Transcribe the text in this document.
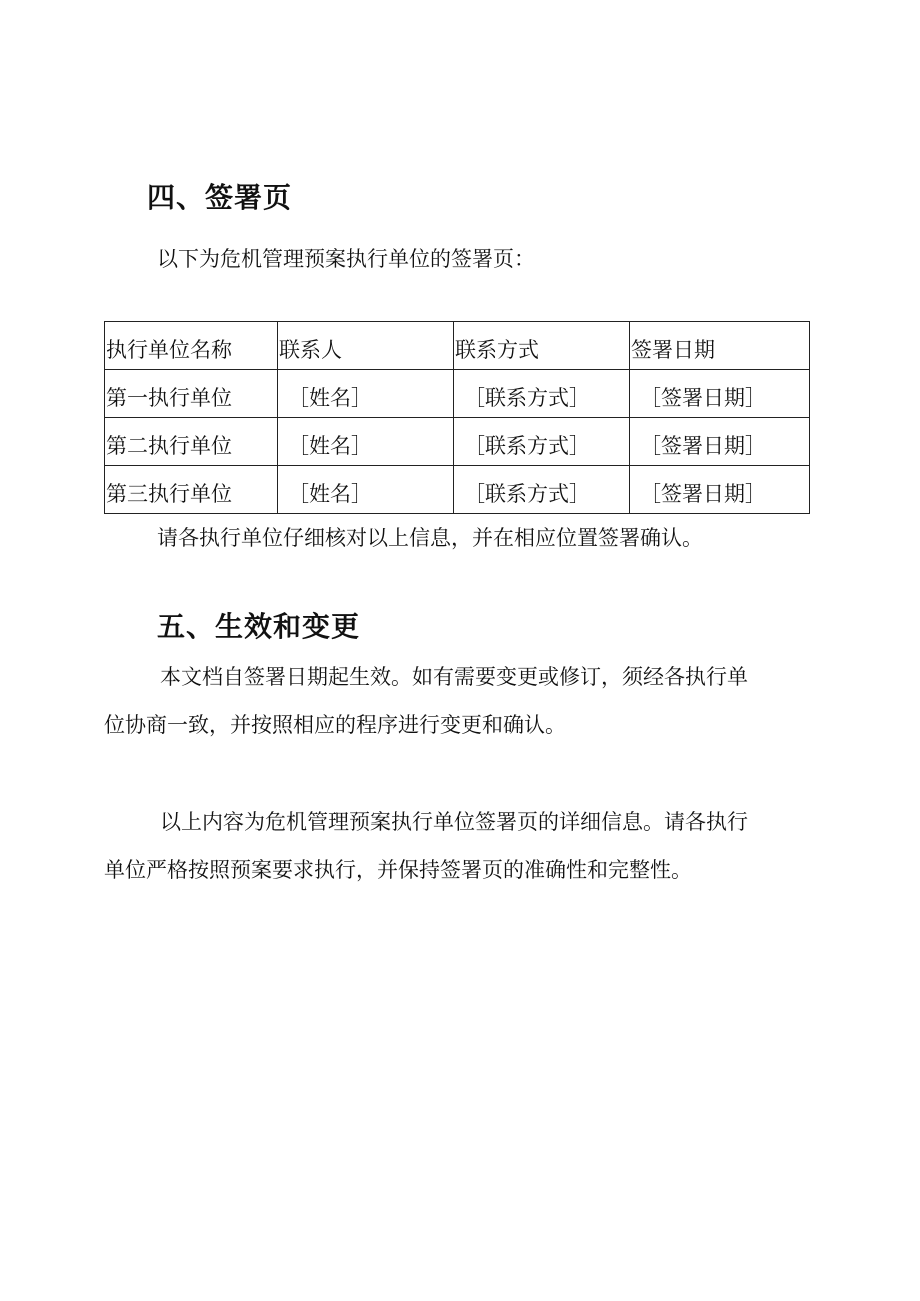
四、签署页

以下为危机管理预案执行单位的签署页：

执行单位名称	联系人	联系方式	签署日期
第一执行单位	［姓名］	［联系方式］	［签署日期］
第二执行单位	［姓名］	［联系方式］	［签署日期］
第三执行单位	［姓名］	［联系方式］	［签署日期］

请各执行单位仔细核对以上信息，并在相应位置签署确认。

五、生效和变更

本文档自签署日期起生效。如有需要变更或修订，须经各执行单

位协商一致，并按照相应的程序进行变更和确认。

以上内容为危机管理预案执行单位签署页的详细信息。请各执行

单位严格按照预案要求执行，并保持签署页的准确性和完整性。
